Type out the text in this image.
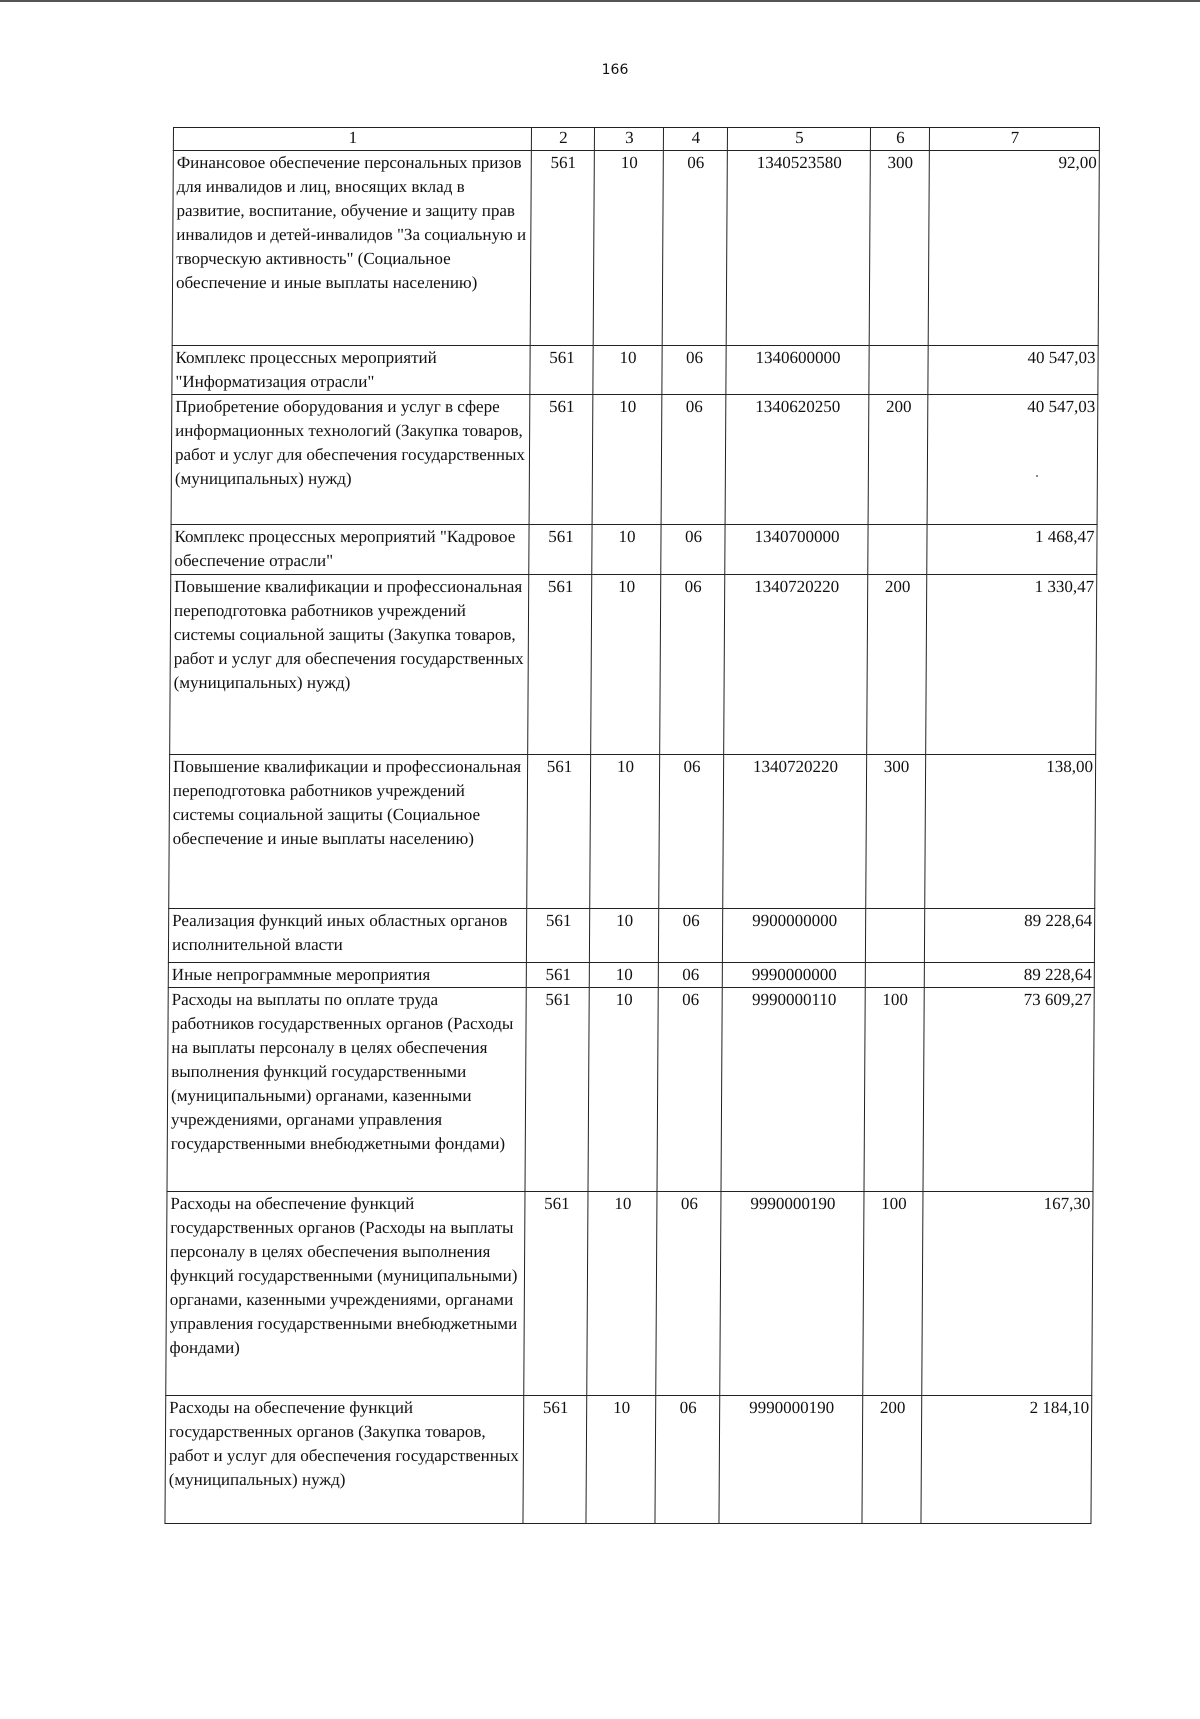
166
1	2	3	4	5	6	7
Финансовое обеспечение персональных призов для инвалидов и лиц, вносящих вклад в развитие, воспитание, обучение и защиту прав инвалидов и детей-инвалидов "За социальную и творческую активность" (Социальное обеспечение и иные выплаты населению)	561	10	06	1340523580	300	92,00
Комплекс процессных мероприятий "Информатизация отрасли"	561	10	06	1340600000		40 547,03
Приобретение оборудования и услуг в сфере информационных технологий (Закупка товаров, работ и услуг для обеспечения государственных (муниципальных) нужд)	561	10	06	1340620250	200	40 547,03
Комплекс процессных мероприятий "Кадровое обеспечение отрасли"	561	10	06	1340700000		1 468,47
Повышение квалификации и профессиональная переподготовка работников учреждений системы социальной защиты (Закупка товаров, работ и услуг для обеспечения государственных (муниципальных) нужд)	561	10	06	1340720220	200	1 330,47
Повышение квалификации и профессиональная переподготовка работников учреждений системы социальной защиты (Социальное обеспечение и иные выплаты населению)	561	10	06	1340720220	300	138,00
Реализация функций иных областных органов исполнительной власти	561	10	06	9900000000		89 228,64
Иные непрограммные мероприятия	561	10	06	9990000000		89 228,64
Расходы на выплаты по оплате труда работников государственных органов (Расходы на выплаты персоналу в целях обеспечения выполнения функций государственными (муниципальными) органами, казенными учреждениями, органами управления государственными внебюджетными фондами)	561	10	06	9990000110	100	73 609,27
Расходы на обеспечение функций государственных органов (Расходы на выплаты персоналу в целях обеспечения выполнения функций государственными (муниципальными) органами, казенными учреждениями, органами управления государственными внебюджетными фондами)	561	10	06	9990000190	100	167,30
Расходы на обеспечение функций государственных органов (Закупка товаров, работ и услуг для обеспечения государственных (муниципальных) нужд)	561	10	06	9990000190	200	2 184,10
